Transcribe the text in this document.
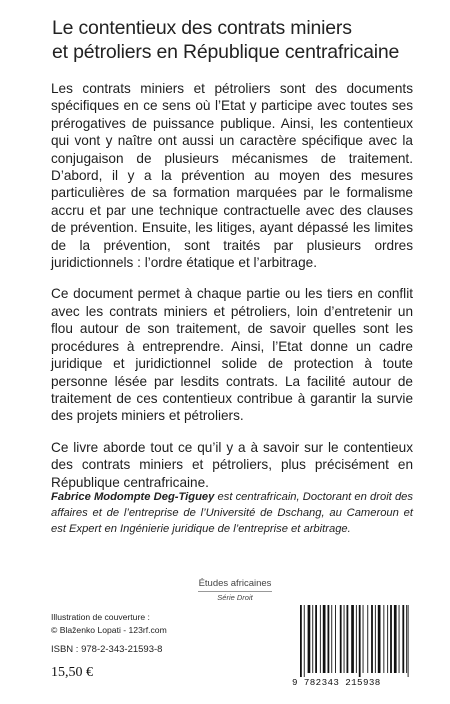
Le contentieux des contrats miniers
et pétroliers en République centrafricaine

Les contrats miniers et pétroliers sont des documents spécifiques en ce sens où l’Etat y participe avec toutes ses prérogatives de puissance publique. Ainsi, les contentieux qui vont y naître ont aussi un caractère spécifique avec la conjugaison de plusieurs mécanismes de traitement. D’abord, il y a la prévention au moyen des mesures particulières de sa formation marquées par le formalisme accru et par une technique contractuelle avec des clauses de prévention. Ensuite, les litiges, ayant dépassé les limites de la prévention, sont traités par plusieurs ordres juridictionnels : l’ordre étatique et l’arbitrage.

Ce document permet à chaque partie ou les tiers en conflit avec les contrats miniers et pétroliers, loin d’entretenir un flou autour de son traitement, de savoir quelles sont les procédures à entreprendre. Ainsi, l’Etat donne un cadre juridique et juridictionnel solide de protection à toute personne lésée par lesdits contrats. La facilité autour de traitement de ces contentieux contribue à garantir la survie des projets miniers et pétroliers.

Ce livre aborde tout ce qu’il y a à savoir sur le contentieux des contrats miniers et pétroliers, plus précisément en République centrafricaine.

Fabrice Modompte Deg-Tiguey est centrafricain, Doctorant en droit des affaires et de l’entreprise de l’Université de Dschang, au Cameroun et est Expert en Ingénierie juridique de l’entreprise et arbitrage.
Études africaines
Série Droit
Illustration de couverture :
© Blaženko Lopati - 123rf.com
ISBN : 978-2-343-21593-8
15,50 €
9 782343 215938
